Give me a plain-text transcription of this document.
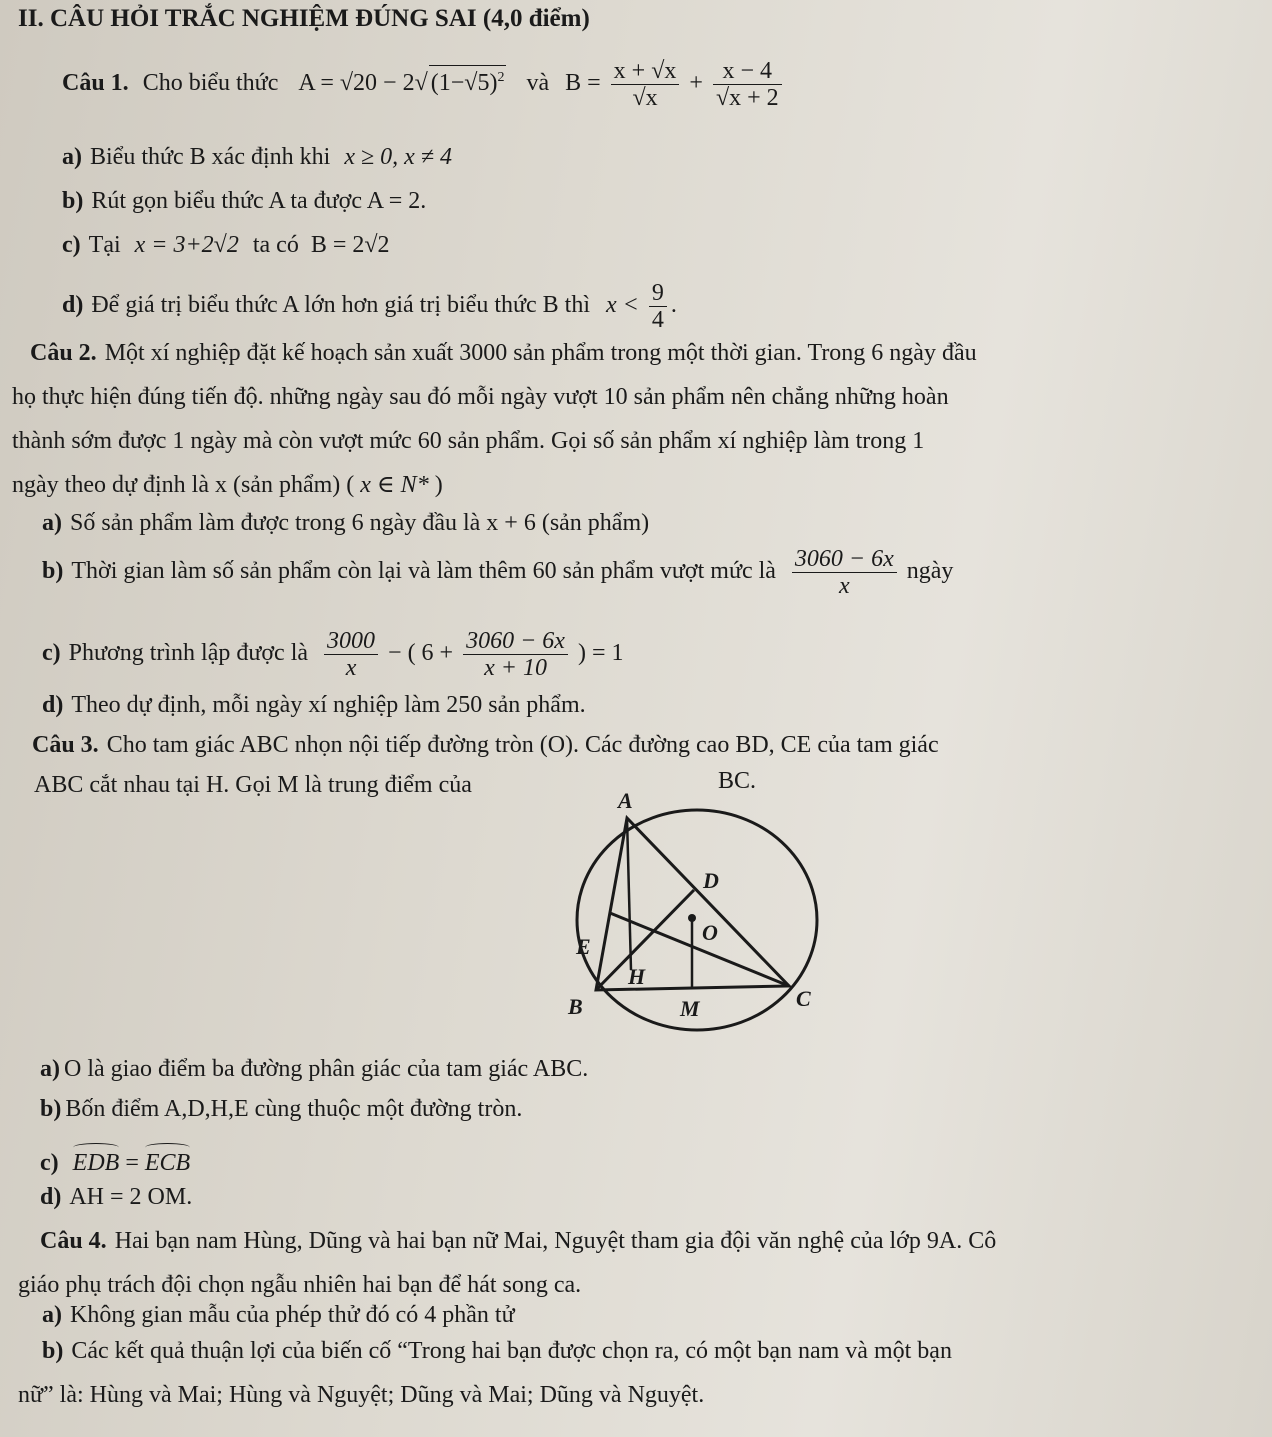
II. CÂU HỎI TRẮC NGHIỆM ĐÚNG SAI (4,0 điểm)
Câu 1. Cho biểu thức A = √20 − 2√ $(1-√5)^2$ và $B = \frac{x + √x}{√x} + \frac{x - 4}{√x + 2}$
a) Biểu thức B xác định khi x ≥ 0, x ≠ 4
b) Rút gọn biểu thức A ta được A = 2.
c) Tại x = 3+2√2 ta có B = 2√2
d) Để giá trị biểu thức A lớn hơn giá trị biểu thức B thì $x < \frac{9}{4}$ .
Câu 2. Một xí nghiệp đặt kế hoạch sản xuất 3000 sản phẩm trong một thời gian. Trong 6 ngày đầu
họ thực hiện đúng tiến độ. những ngày sau đó mỗi ngày vượt 10 sản phẩm nên chẳng những hoàn
thành sớm được 1 ngày mà còn vượt mức 60 sản phẩm. Gọi số sản phẩm xí nghiệp làm trong 1
ngày theo dự định là x (sản phẩm) ( x ∈ N* )
a) Số sản phẩm làm được trong 6 ngày đầu là x + 6 (sản phẩm)
b) Thời gian làm số sản phẩm còn lại và làm thêm 60 sản phẩm vượt mức là $\frac{3060 - 6x}{x}$ ngày
c) Phương trình lập được là $\frac{3000}{x}$ − ( $6 + \frac{3060 - 6x}{x + 10}$ ) = 1
d) Theo dự định, mỗi ngày xí nghiệp làm 250 sản phẩm.
Câu 3. Cho tam giác ABC nhọn nội tiếp đường tròn (O). Các đường cao BD, CE của tam giác
ABC cắt nhau tại H. Gọi M là trung điểm của	BC.
A
D
O
E
H
B	M	C
a) O là giao điểm ba đường phân giác của tam giác ABC.
b) Bốn điểm A,D,H,E cùng thuộc một đường tròn.
c) EDB = ECB
d) AH = 2 OM.
Câu 4. Hai bạn nam Hùng, Dũng và hai bạn nữ Mai, Nguyệt tham gia đội văn nghệ của lớp 9A. Cô
giáo phụ trách đội chọn ngẫu nhiên hai bạn để hát song ca.
a) Không gian mẫu của phép thử đó có 4 phần tử
b) Các kết quả thuận lợi của biến cố “Trong hai bạn được chọn ra, có một bạn nam và một bạn
nữ” là: Hùng và Mai; Hùng và Nguyệt; Dũng và Mai; Dũng và Nguyệt.
